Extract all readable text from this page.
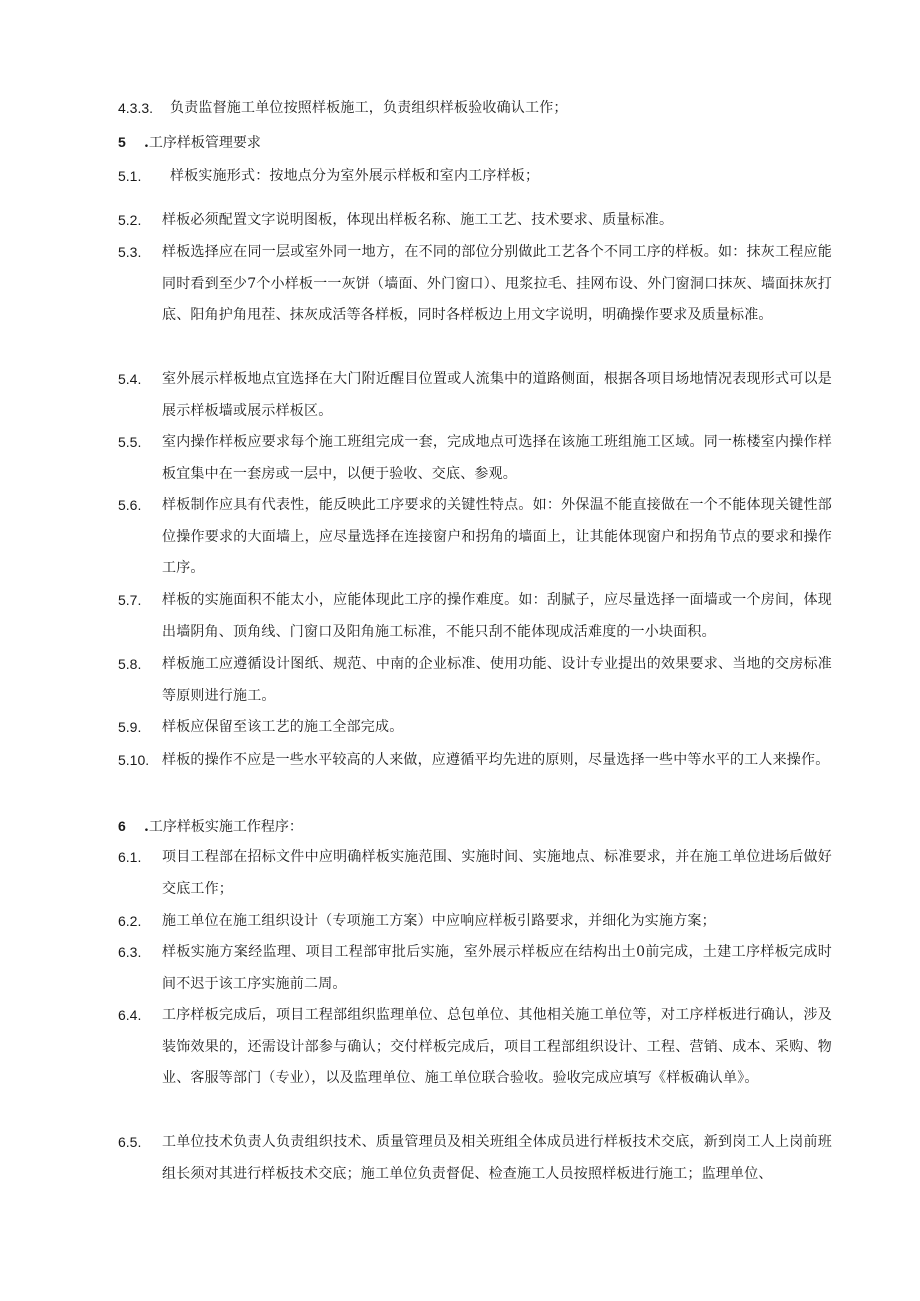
4.3.3. 负责监督施工单位按照样板施工，负责组织样板验收确认工作；
5 .工序样板管理要求
5.1. 样板实施形式：按地点分为室外展示样板和室内工序样板；
5.2. 样板必须配置文字说明图板，体现出样板名称、施工工艺、技术要求、质量标准。
5.3. 样板选择应在同一层或室外同一地方，在不同的部位分别做此工艺各个不同工序的样板。如：抹灰工程应能同时看到至少7个小样板一一灰饼（墙面、外门窗口）、甩浆拉毛、挂网布设、外门窗洞口抹灰、墙面抹灰打底、阳角护角甩茬、抹灰成活等各样板，同时各样板边上用文字说明，明确操作要求及质量标准。
5.4. 室外展示样板地点宜选择在大门附近醒目位置或人流集中的道路侧面，根据各项目场地情况表现形式可以是展示样板墙或展示样板区。
5.5. 室内操作样板应要求每个施工班组完成一套，完成地点可选择在该施工班组施工区域。同一栋楼室内操作样板宜集中在一套房或一层中，以便于验收、交底、参观。
5.6. 样板制作应具有代表性，能反映此工序要求的关键性特点。如：外保温不能直接做在一个不能体现关键性部位操作要求的大面墙上，应尽量选择在连接窗户和拐角的墙面上，让其能体现窗户和拐角节点的要求和操作工序。
5.7. 样板的实施面积不能太小，应能体现此工序的操作难度。如：刮腻子，应尽量选择一面墙或一个房间，体现出墙阴角、顶角线、门窗口及阳角施工标准，不能只刮不能体现成活难度的一小块面积。
5.8. 样板施工应遵循设计图纸、规范、中南的企业标准、使用功能、设计专业提出的效果要求、当地的交房标准等原则进行施工。
5.9. 样板应保留至该工艺的施工全部完成。
5.10. 样板的操作不应是一些水平较高的人来做，应遵循平均先进的原则，尽量选择一些中等水平的工人来操作。
6 .工序样板实施工作程序：
6.1. 项目工程部在招标文件中应明确样板实施范围、实施时间、实施地点、标准要求，并在施工单位进场后做好交底工作；
6.2. 施工单位在施工组织设计（专项施工方案）中应响应样板引路要求，并细化为实施方案；
6.3. 样板实施方案经监理、项目工程部审批后实施，室外展示样板应在结构出土0前完成，土建工序样板完成时间不迟于该工序实施前二周。
6.4. 工序样板完成后，项目工程部组织监理单位、总包单位、其他相关施工单位等，对工序样板进行确认，涉及装饰效果的，还需设计部参与确认；交付样板完成后，项目工程部组织设计、工程、营销、成本、采购、物业、客服等部门（专业），以及监理单位、施工单位联合验收。验收完成应填写《样板确认单》。
6.5. 工单位技术负责人负责组织技术、质量管理员及相关班组全体成员进行样板技术交底，新到岗工人上岗前班组长须对其进行样板技术交底；施工单位负责督促、检查施工人员按照样板进行施工；监理单位、
